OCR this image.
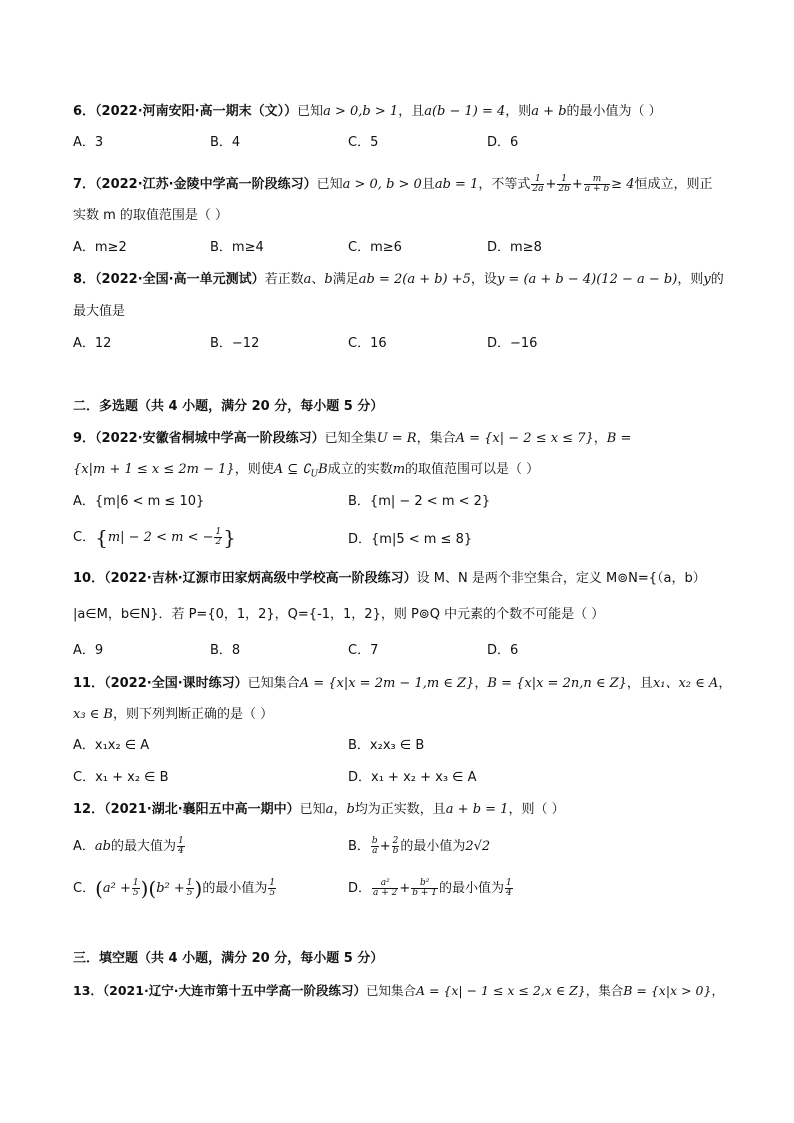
6．（2022·河南安阳·高一期末（文））已知a > 0,b > 1，且a(b − 1) = 4，则a + b的最小值为（ ）
A．3	B．4	C．5	D．6
7．（2022·江苏·金陵中学高一阶段练习）已知a > 0, b > 0且ab = 1，不等式 $\frac{1}{2a} + \frac{1}{2b} + \frac{m}{a + b} \ge 4$恒成立，则正
实数 m 的取值范围是（ ）
A．m≥2	B．m≥4	C．m≥6	D．m≥8
8．（2022·全国·高一单元测试）若正数a、b满足ab = 2(a + b) +5，设y = (a + b − 4)(12 − a − b)，则y的
最大值是
A．12	B．−12	C．16	D．−16
二．多选题（共 4 小题，满分 20 分，每小题 5 分）
9．（2022·安徽省桐城中学高一阶段练习）已知全集U = R，集合A = {x| − 2 ≤ x ≤ 7}，B =
{x|m + 1 ≤ x ≤ 2m − 1}，则使A ⊆ $∁_UB$成立的实数m的取值范围可以是（ ）
A．{m|6 < m ≤ 10}	B．{m| − 2 < m < 2}
C．{m| − 2 < m < − $\frac{1}{2}$ }	D．{m|5 < m ≤ 8}
10．（2022·吉林·辽源市田家炳高级中学校高一阶段练习）设 M、N 是两个非空集合，定义 M⊚N={（a，b）
|a∈M，b∈N}．若 P={0，1，2}，Q={-1，1，2}，则 P⊚Q 中元素的个数不可能是（ ）
A．9	B．8	C．7	D．6
11．（2022·全国·课时练习）已知集合A = {x|x = 2m − 1,m ∈ Z}，B = {x|x = 2n,n ∈ Z}，且x₁、x₂ ∈ A，
x₃ ∈ B，则下列判断正确的是（ ）
A．x₁x₂ ∈ A	B．x₂x₃ ∈ B
C．x₁ + x₂ ∈ B	D．x₁ + x₂ + x₃ ∈ A
12．（2021·湖北·襄阳五中高一期中）已知a，b均为正实数，且a + b = 1，则（ ）
A．ab的最大值为 $\frac{1}{4}$	B． $\frac{b}{a} + \frac{2}{b}$ 的最小值为2√2
C．$(a^2 + \frac{1}{5} )(b^2 + \frac{1}{5}$ )的最小值为 $\frac{1}{5}$	D． $\frac{\text{a²}}{a + 2} + \frac{\text{b²}}{b + 1}$ 的最小值为 $\frac{1}{4}$
三．填空题（共 4 小题，满分 20 分，每小题 5 分）
13．（2021·辽宁·大连市第十五中学高一阶段练习）已知集合A = {x| − 1 ≤ x ≤ 2,x ∈ Z}，集合B = {x|x > 0}，
